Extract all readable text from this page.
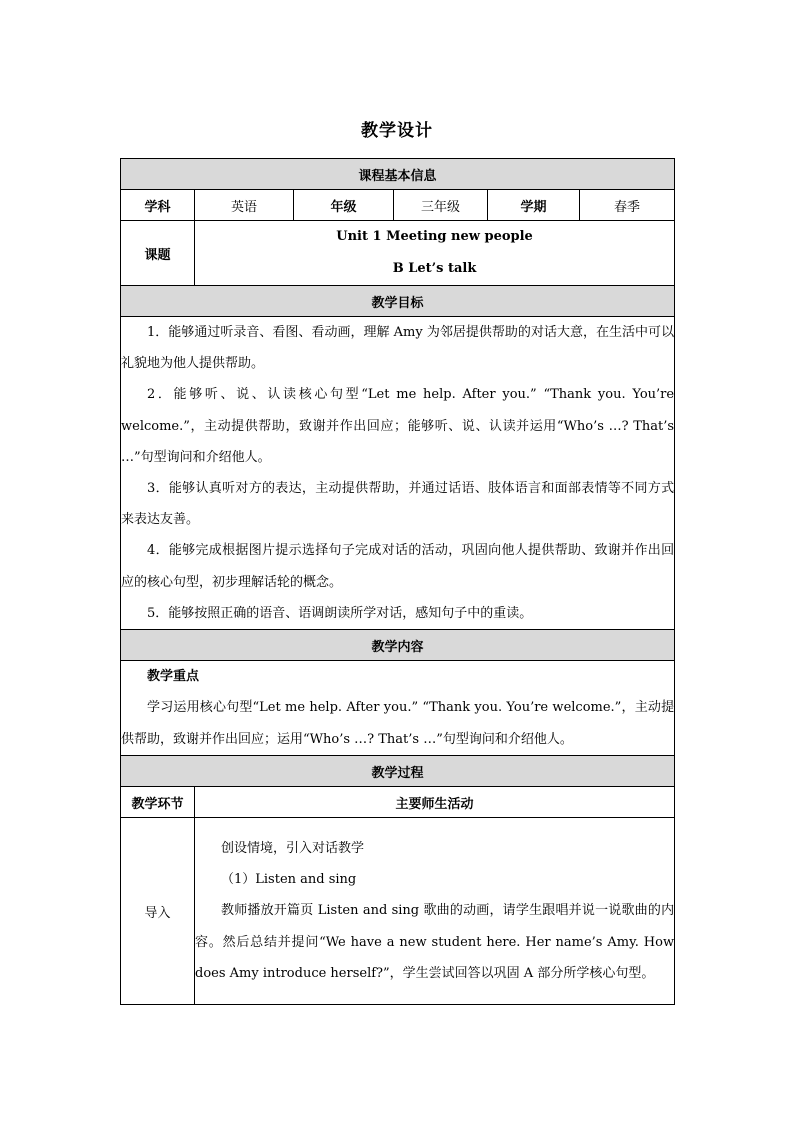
教学设计
课程基本信息					
学科	英语	年级	三年级	学期	春季
课题	Unit 1 Meeting new people
B Let’s talk				

教学目标					

1．能够通过听录音、看图、看动画，理解 Amy 为邻居提供帮助的对话大意，在生活中可以礼貌地为他人提供帮助。

2．能够听、说、认读核心句型“Let me help. After you.” “Thank you. You’re welcome.”，主动提供帮助，致谢并作出回应；能够听、说、认读并运用“Who’s …? That’s …”句型询问和介绍他人。

3．能够认真听对方的表达，主动提供帮助，并通过话语、肢体语言和面部表情等不同方式来表达友善。

4．能够完成根据图片提示选择句子完成对话的活动，巩固向他人提供帮助、致谢并作出回应的核心句型，初步理解话轮的概念。

5．能够按照正确的语音、语调朗读所学对话，感知句子中的重读。					

教学内容					

教学重点

学习运用核心句型“Let me help. After you.” “Thank you. You’re welcome.”，主动提供帮助，致谢并作出回应；运用“Who’s …? That’s …”句型询问和介绍他人。					

教学过程					
教学环节	主要师生活动				
导入	创设情境，引入对话教学

（1）Listen and sing

教师播放开篇页 Listen and sing 歌曲的动画，请学生跟唱并说一说歌曲的内容。然后总结并提问“We have a new student here. Her name’s Amy. How does Amy introduce herself?”，学生尝试回答以巩固 A 部分所学核心句型。				
